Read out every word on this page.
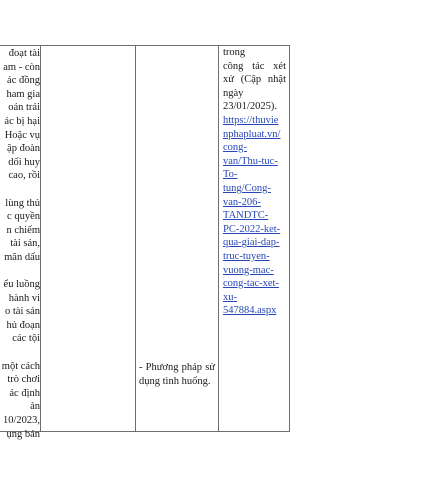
đoạt tài

am - còn

ác đồng

ham gia

oán trái

ác bị hại

Hoặc vụ

ập đoàn

dối huy

cao, rồi

lùng thủ

c quyền

n chiếm

tài sản,

mãn dấu

ểu luồng

hành vi

o tài sản

hủ đoạn

các tội

một cách

trò chơi

ác định

ản

10/2023,

ụng bán

- Phương pháp sử dụng tình huống.

trong
công tác xét
xử (Cập nhật
ngày
23/01/2025).
https://thuvie
nphapluat.vn/
cong-
van/Thu-tuc-
To-
tung/Cong-
van-206-
TANDTC-
PC-2022-ket-
qua-giai-dap-
truc-tuyen-
vuong-mac-
cong-tac-xet-
xu-
547884.aspx
